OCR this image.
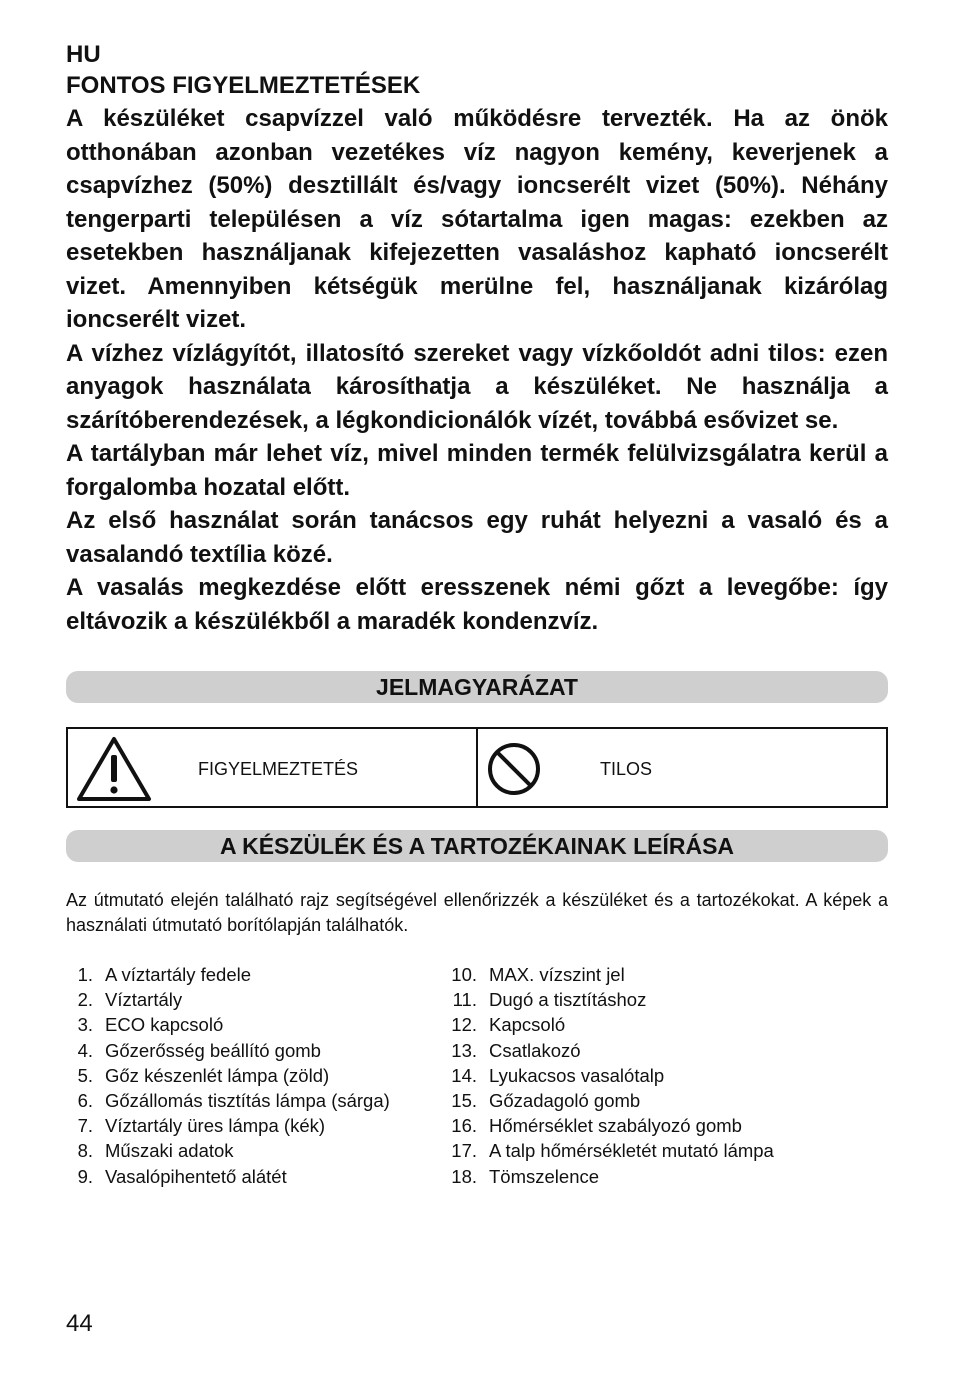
HU

FONTOS FIGYELMEZTETÉSEK

A készüléket csapvízzel való működésre tervezték. Ha az önök otthonában azonban vezetékes víz nagyon kemény, keverjenek a csapvízhez (50%) desztillált és/vagy ioncserélt vizet (50%). Néhány tengerparti településen a víz sótartalma igen magas: ezekben az esetekben használjanak kifejezetten vasaláshoz kapható ioncserélt vizet. Amennyiben kétségük merülne fel, használjanak kizárólag ioncserélt vizet.

A vízhez vízlágyítót, illatosító szereket vagy vízkőoldót adni tilos: ezen anyagok használata károsíthatja a készüléket. Ne használja a szárítóberendezések, a légkondicionálók vízét, továbbá esővizet se.

A tartályban már lehet víz, mivel minden termék felülvizsgálatra kerül a forgalomba hozatal előtt.

Az első használat során tanácsos egy ruhát helyezni a vasaló és a vasalandó textília közé.

A vasalás megkezdése előtt eresszenek némi gőzt a levegőbe: így eltávozik a készülékből a maradék kondenzvíz.

JELMAGYARÁZAT
FIGYELMEZTETÉS	TILOS
A KÉSZÜLÉK ÉS A TARTOZÉKAINAK LEÍRÁSA

Az útmutató elején található rajz segítségével ellenőrizzék a készüléket és a tartozékokat. A képek a használati útmutató borítólapján találhatók.

1. A víztartály fedele
2. Víztartály
3. ECO kapcsoló
4. Gőzerősség beállító gomb
5. Gőz készenlét lámpa (zöld)
6. Gőzállomás tisztítás lámpa (sárga)
7. Víztartály üres lámpa (kék)
8. Műszaki adatok
9. Vasalópihentető alátét
10. MAX. vízszint jel
11. Dugó a tisztításhoz
12. Kapcsoló
13. Csatlakozó
14. Lyukacsos vasalótalp
15. Gőzadagoló gomb
16. Hőmérséklet szabályozó gomb
17. A talp hőmérsékletét mutató lámpa
18. Tömszelence
44
